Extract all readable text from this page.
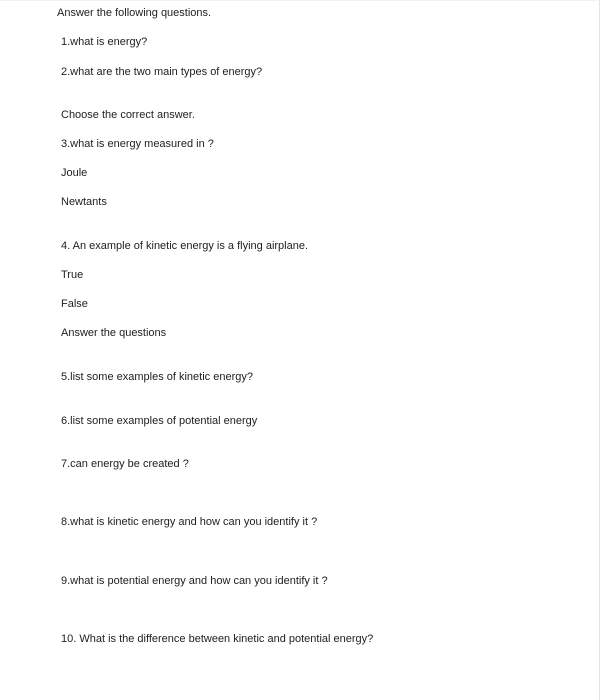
Answer the following questions.
1.what is energy?
2.what are the two main types of energy?
Choose the correct answer.
3.what is energy measured in ?
Joule
Newtants
4. An example of kinetic energy is a flying airplane.
True
False
Answer the questions
5.list some examples of kinetic energy?
6.list some examples of potential energy
7.can energy be created ?
8.what is kinetic energy and how can you identify it ?
9.what is potential energy and how can you identify it ?
10. What is the difference between kinetic and potential energy?
